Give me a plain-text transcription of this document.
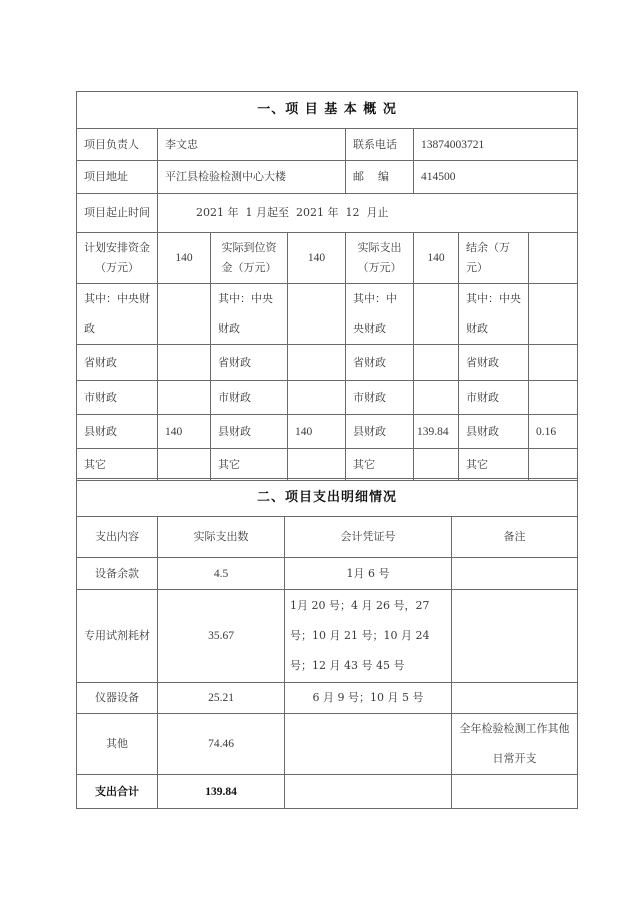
一、项 目 基 本 概 况							
项目负责人	李文忠			联系电话	13874003721		
项目地址	平江县检验检测中心大楼			邮    编	414500		
项目起止时间	2021 年  1 月起至  2021 年  12  月止						
计划安排资金（万元）	140	实际到位资金（万元）	140	实际支出（万元）	140	结余（万元）	
其中：中央财政		其中：中央财政		其中：中央财政		其中：中央财政	
省财政		省财政		省财政		省财政	
市财政		市财政		市财政		市财政	
县财政	140	县财政	140	县财政	139.84	县财政	0.16
其它		其它		其它		其它	
二、项目支出明细情况			
支出内容	实际支出数	会计凭证号	备注
设备余款	4.5	1月 6 号	
专用试剂耗材	35.67	1月 20 号；4 月 26 号，27 号；10 月 21 号；10 月 24 号；12 月 43 号 45 号	
仪器设备	25.21	6 月 9 号；10 月 5 号	
其他	74.46		全年检验检测工作其他日常开支
支出合计	139.84		
